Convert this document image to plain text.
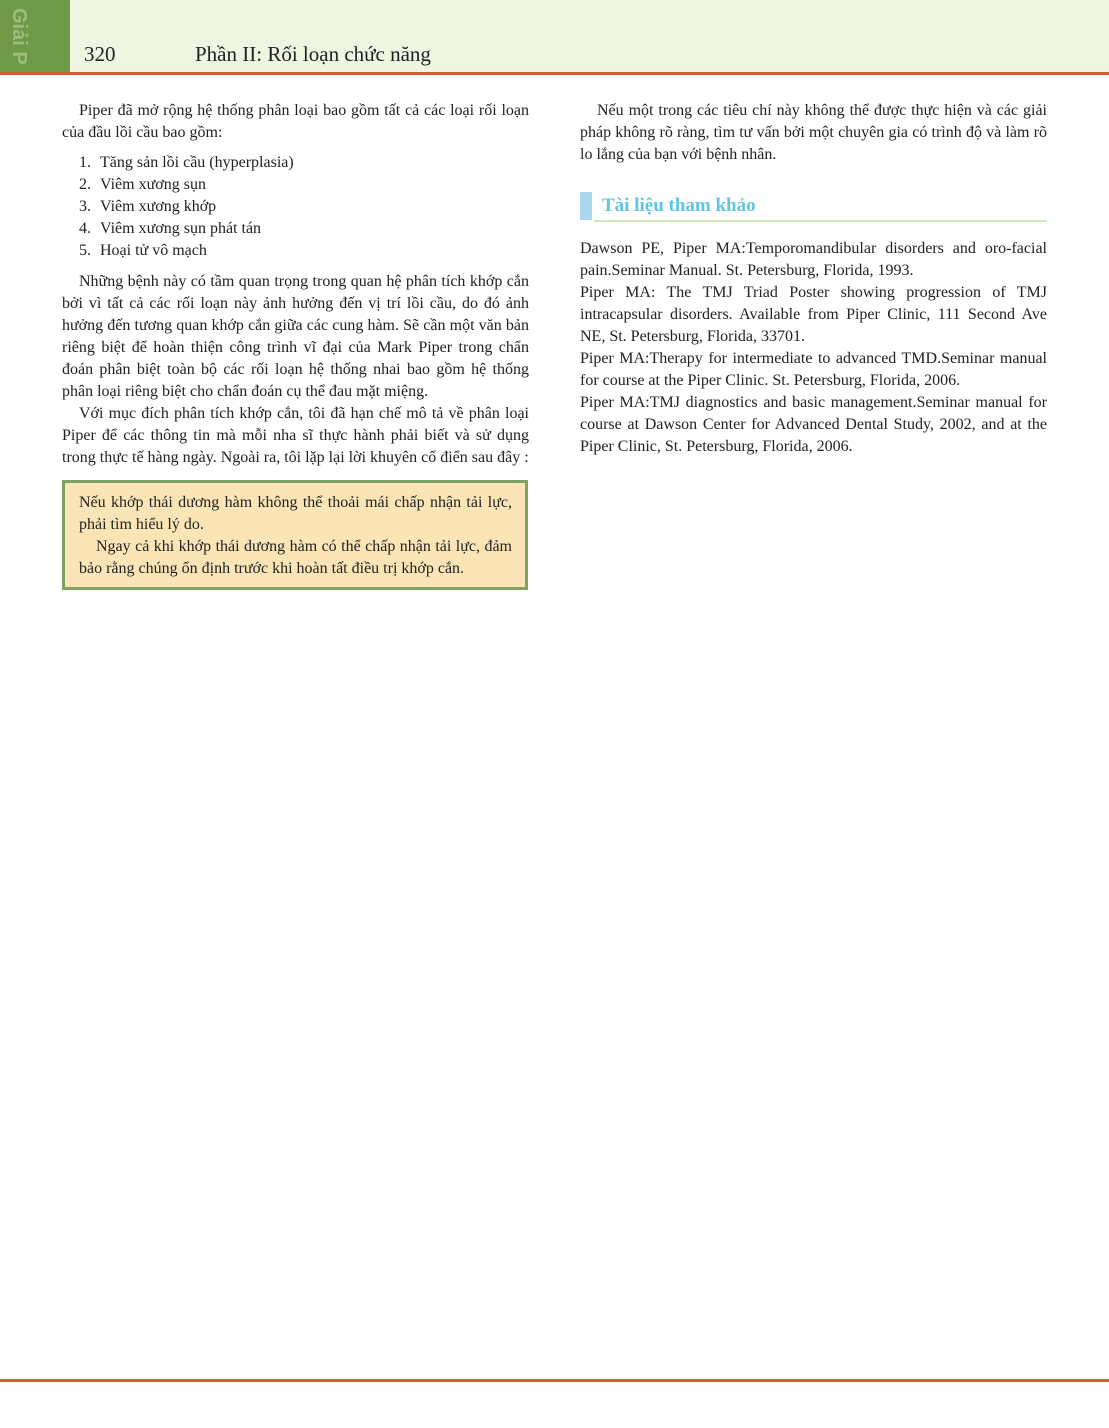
Giải P	320	Phần II: Rối loạn chức năng

Piper đã mở rộng hệ thống phân loại bao gồm tất cả các loại rối loạn của đầu lồi cầu bao gồm:

1. Tăng sản lồi cầu (hyperplasia)
2. Viêm xương sụn
3. Viêm xương khớp
4. Viêm xương sụn phát tán
5. Hoại tử vô mạch

Những bệnh này có tầm quan trọng trong quan hệ phân tích khớp cắn bởi vì tất cả các rối loạn này ảnh hưởng đến vị trí lồi cầu, do đó ảnh hưởng đến tương quan khớp cắn giữa các cung hàm. Sẽ cần một văn bản riêng biệt để hoàn thiện công trình vĩ đại của Mark Piper trong chẩn đoán phân biệt toàn bộ các rối loạn hệ thống nhai bao gồm hệ thống phân loại riêng biệt cho chẩn đoán cụ thể đau mặt miệng.

Với mục đích phân tích khớp cắn, tôi đã hạn chế mô tả về phân loại Piper để các thông tin mà mỗi nha sĩ thực hành phải biết và sử dụng trong thực tế hàng ngày. Ngoài ra, tôi lặp lại lời khuyên cổ điển sau đây :

Nếu khớp thái dương hàm không thể thoải mái chấp nhận tải lực, phải tìm hiểu lý do.

Ngay cả khi khớp thái dương hàm có thể chấp nhận tải lực, đảm bảo rằng chúng ổn định trước khi hoàn tất điều trị khớp cắn.

Nếu một trong các tiêu chí này không thể được thực hiện và các giải pháp không rõ ràng, tìm tư vấn bởi một chuyên gia có trình độ và làm rõ lo lắng của bạn với bệnh nhân.

Tài liệu tham khảo

Dawson PE, Piper MA:Temporomandibular disorders and oro-facial pain.Seminar Manual. St. Petersburg, Florida, 1993.

Piper MA: The TMJ Triad Poster showing progression of TMJ intracapsular disorders. Available from Piper Clinic, 111 Second Ave NE, St. Petersburg, Florida, 33701.

Piper MA:Therapy for intermediate to advanced TMD.Seminar manual for course at the Piper Clinic. St. Petersburg, Florida, 2006.

Piper MA:TMJ diagnostics and basic management.Seminar manual for course at Dawson Center for Advanced Dental Study, 2002, and at the Piper Clinic, St. Petersburg, Florida, 2006.
